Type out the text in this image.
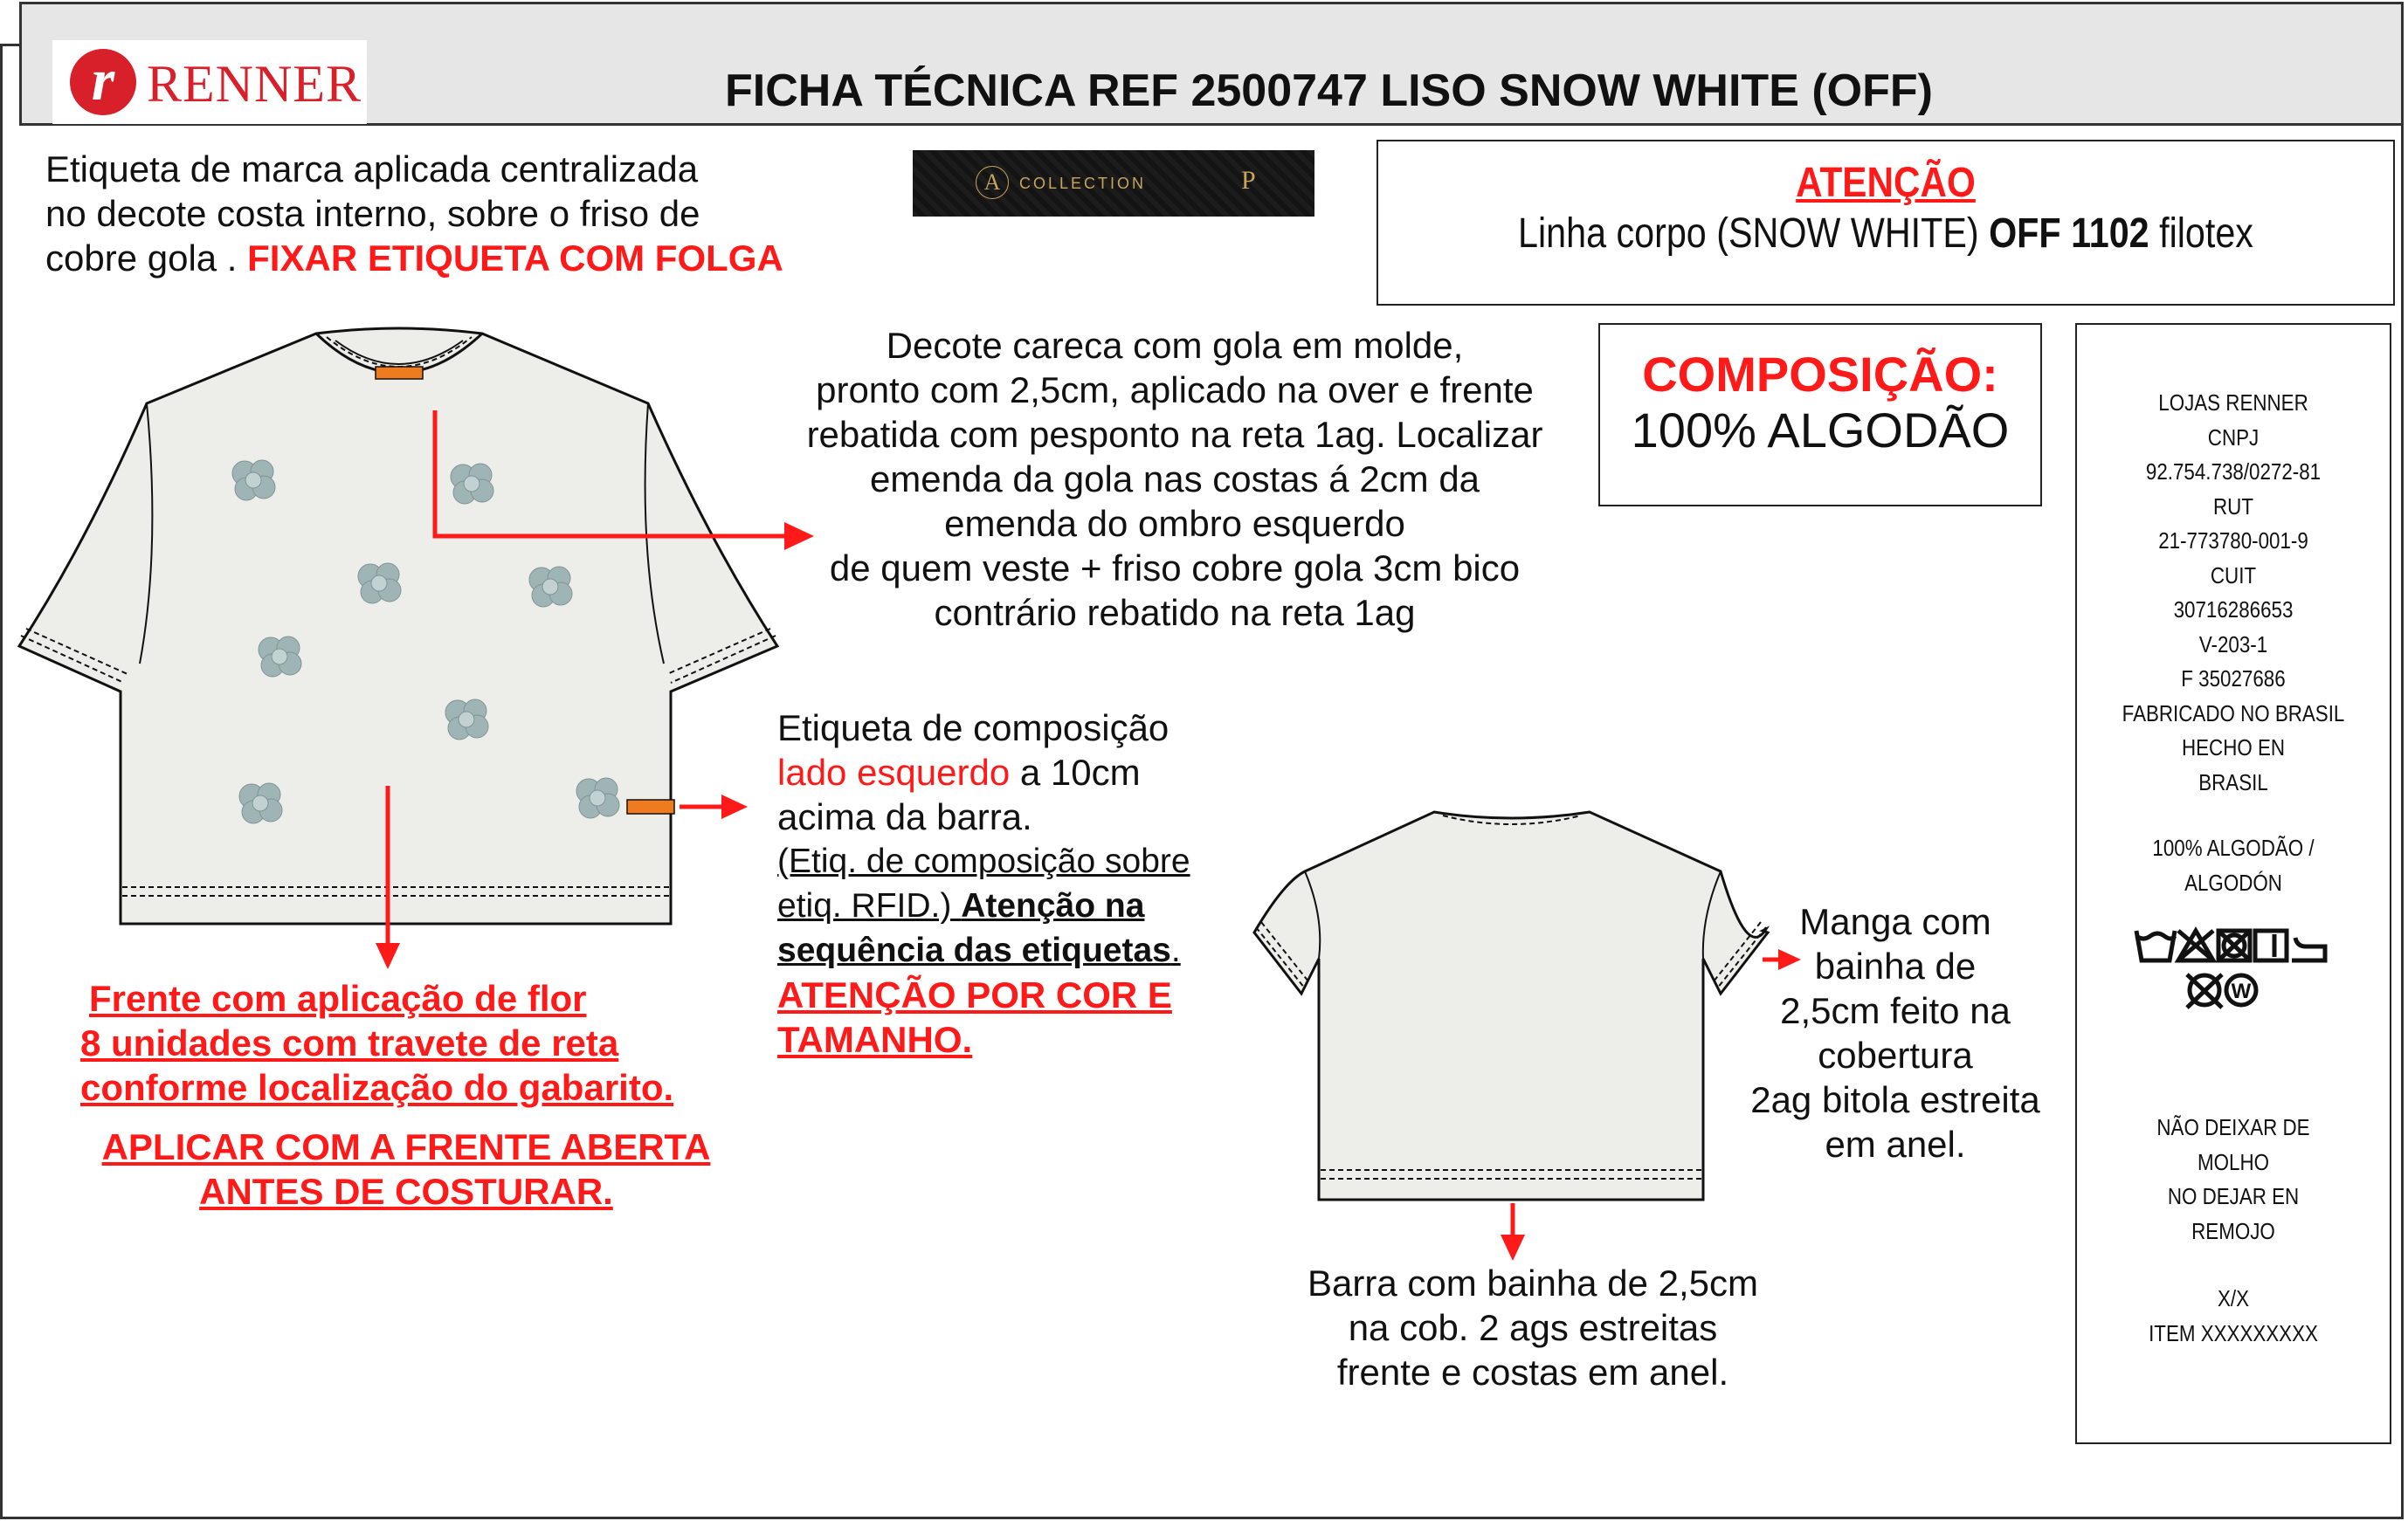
r RENNER	FICHA TÉCNICA REF 2500747 LISO SNOW WHITE (OFF)
Etiqueta de marca aplicada centralizada
no decote costa interno, sobre o friso de
cobre gola . FIXAR ETIQUETA COM FOLGA
A	COLLECTION	P	ATENÇÃO
Linha corpo (SNOW WHITE) OFF 1102 filotex
COMPOSIÇÃO:
100% ALGODÃO	LOJAS RENNER
CNPJ
92.754.738/0272-81
RUT
21-773780-001-9
CUIT
30716286653
V-203-1
F 35027686
FABRICADO NO BRASIL
HECHO EN
BRASIL
100% ALGODÃO /
ALGODÓN
W
NÃO DEIXAR DE
MOLHO
NO DEJAR EN
REMOJO
X/X
ITEM XXXXXXXXX
Decote careca com gola em molde,
pronto com 2,5cm, aplicado na over e frente
rebatida com pesponto na reta 1ag. Localizar
emenda da gola nas costas á 2cm da
emenda do ombro esquerdo
de quem veste + friso cobre gola 3cm bico
contrário rebatido na reta 1ag
Etiqueta de composição
lado esquerdo a 10cm
acima da barra.
(Etiq. de composição sobre
etiq. RFID.) Atenção na
sequência das etiquetas.
ATENÇÃO POR COR E
TAMANHO.
Frente com aplicação de flor
8 unidades com travete de reta
conforme localização do gabarito.
APLICAR COM A FRENTE ABERTA
ANTES DE COSTURAR.
Manga com
bainha de
2,5cm feito na
cobertura
2ag bitola estreita
em anel.
Barra com bainha de 2,5cm
na cob. 2 ags estreitas
frente e costas em anel.
